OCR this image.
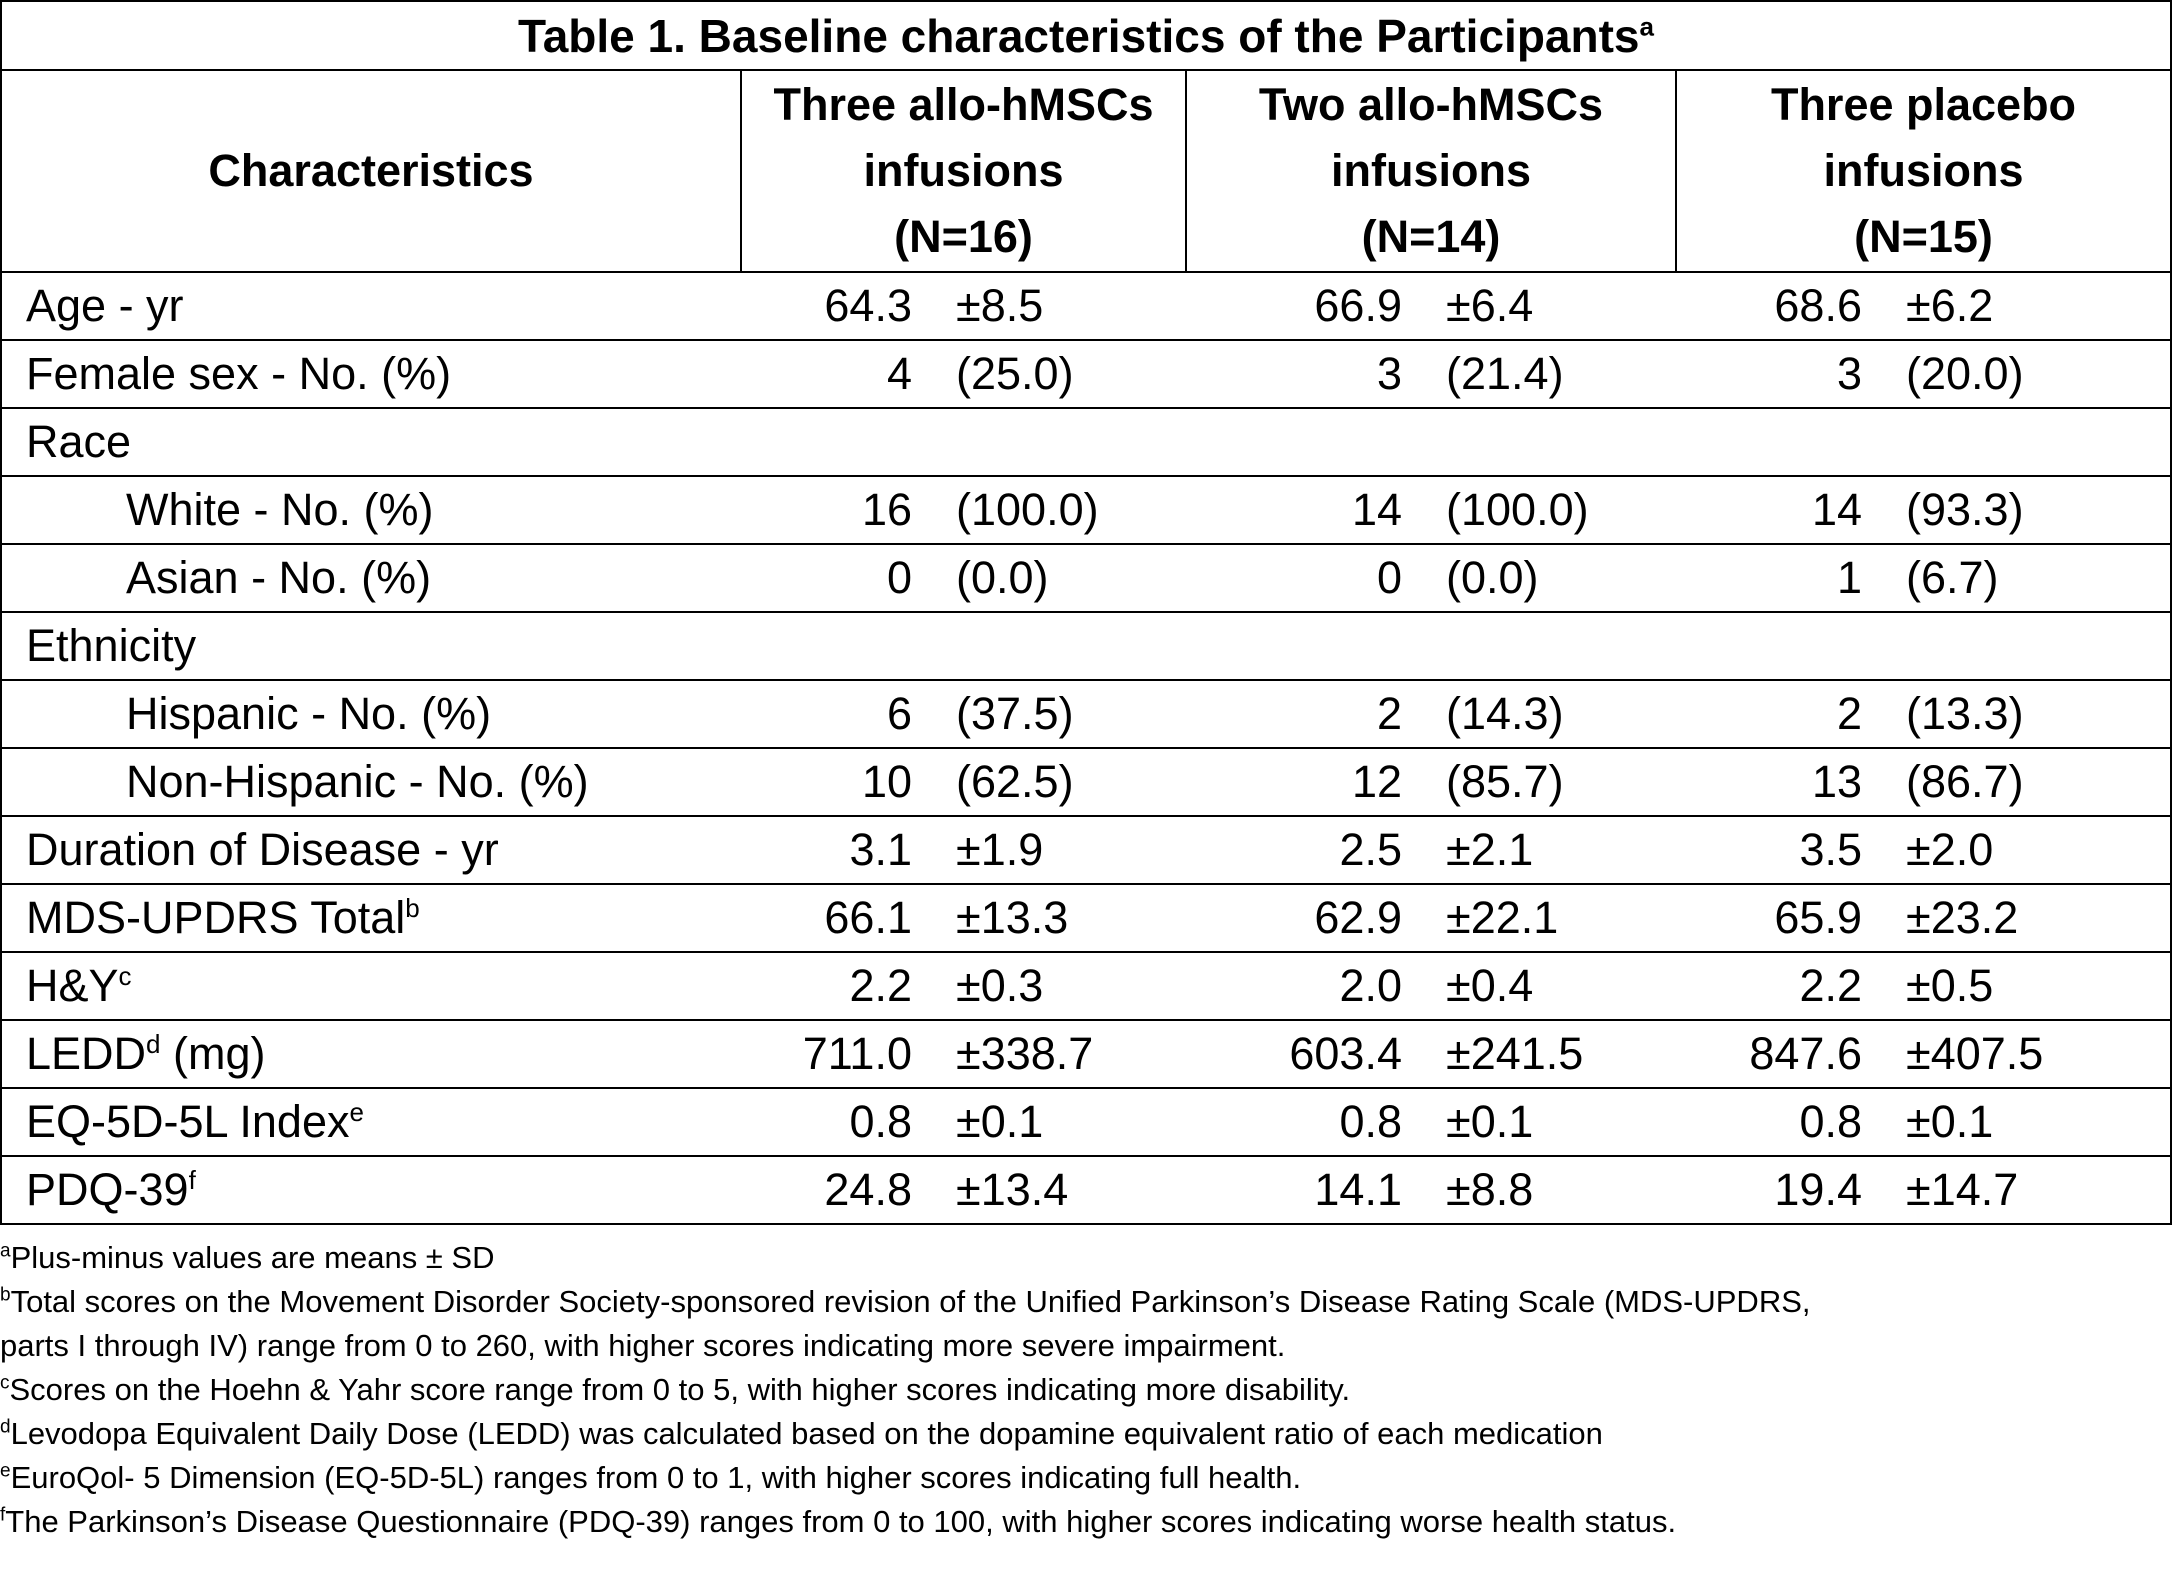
Table 1. Baseline characteristics of the Participants$^a$
Characteristics	Three allo-hMSCs
infusions
(N=16)		Two allo-hMSCs
infusions
(N=14)		Three placebo
infusions
(N=15)	

Age - yr	64.3	±8.5	66.9	±6.4	68.6	±6.2
Female sex - No. (%)	4	(25.0)	3	(21.4)	3	(20.0)
Race						
White - No. (%)	16	(100.0)	14	(100.0)	14	(93.3)
Asian - No. (%)	0	(0.0)	0	(0.0)	1	(6.7)
Ethnicity						
Hispanic - No. (%)	6	(37.5)	2	(14.3)	2	(13.3)
Non-Hispanic - No. (%)	10	(62.5)	12	(85.7)	13	(86.7)
Duration of Disease - yr	3.1	±1.9	2.5	±2.1	3.5	±2.0
MDS-UPDRS Total$^b$	66.1	±13.3	62.9	±22.1	65.9	±23.2
$H\&Y^c$	2.2	±0.3	2.0	±0.4	2.2	±0.5
LEDD$^d$ (mg)	711.0	±338.7	603.4	±241.5	847.6	±407.5
EQ-5D-5L Index$^e$	0.8	±0.1	0.8	±0.1	0.8	±0.1
PDQ-39$^f$	24.8	±13.4	14.1	±8.8	19.4	±14.7
$^a$Plus-minus values are means ± SD
$^b$Total scores on the Movement Disorder Society-sponsored revision of the Unified Parkinson’s Disease Rating Scale (MDS-UPDRS,
parts I through IV) range from 0 to 260, with higher scores indicating more severe impairment.
$^c$Scores on the Hoehn & Yahr score range from 0 to 5, with higher scores indicating more disability.
$^d$Levodopa Equivalent Daily Dose (LEDD) was calculated based on the dopamine equivalent ratio of each medication
$^e$EuroQol- 5 Dimension (EQ-5D-5L) ranges from 0 to 1, with higher scores indicating full health.
$^f$The Parkinson’s Disease Questionnaire (PDQ-39) ranges from 0 to 100, with higher scores indicating worse health status.
